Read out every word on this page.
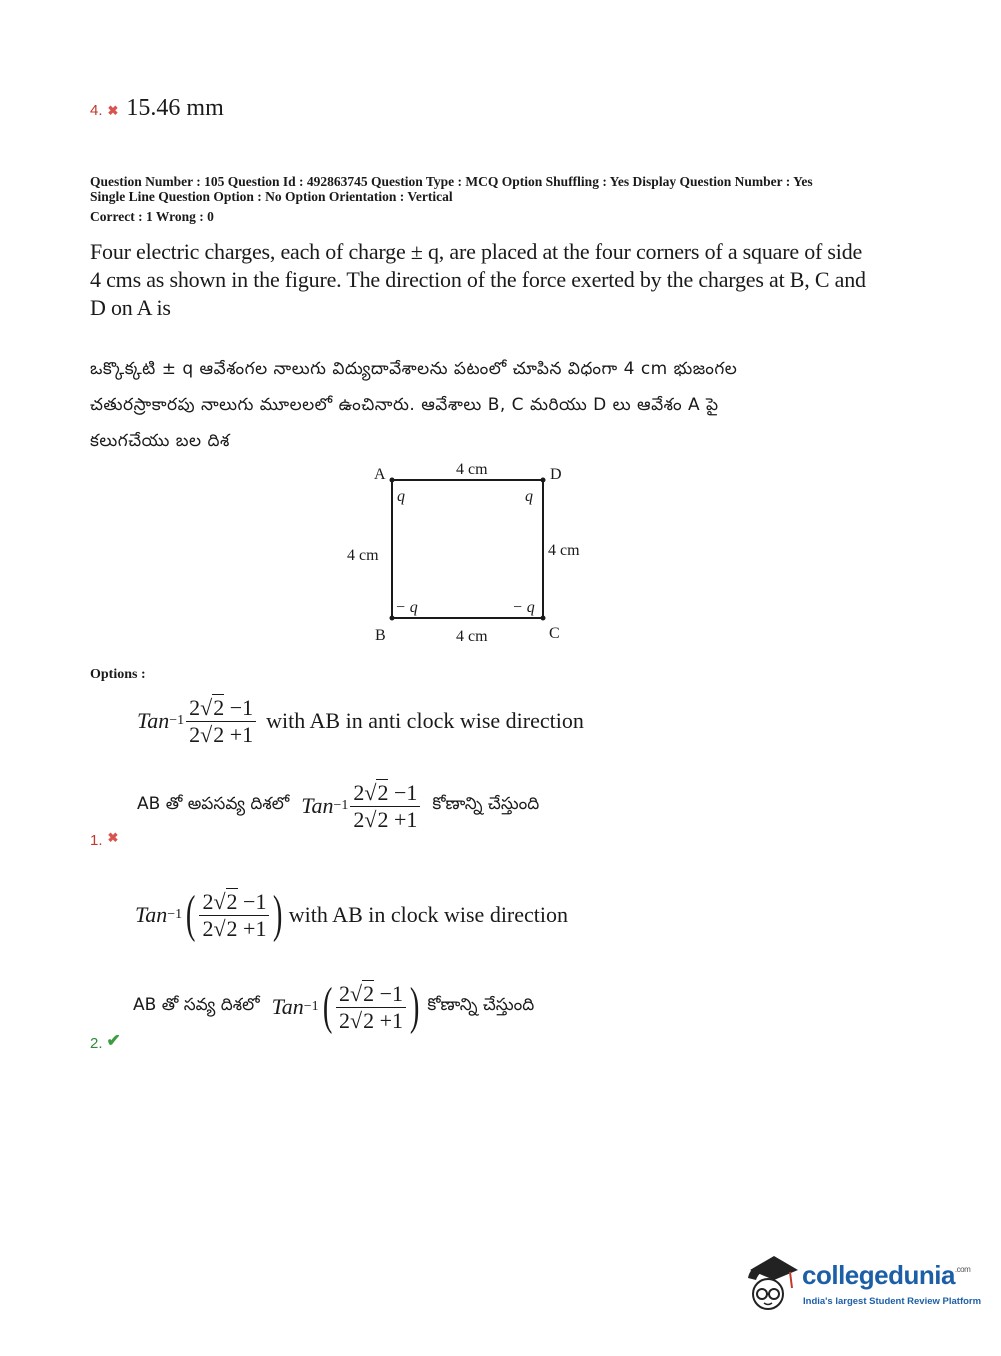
4. ✖ 15.46 mm
Question Number : 105 Question Id : 492863745 Question Type : MCQ Option Shuffling : Yes Display Question Number : Yes
Single Line Question Option : No Option Orientation : Vertical
Correct : 1 Wrong : 0
Four electric charges, each of charge ± q, are placed at the four corners of a square of side
4 cms as shown in the figure. The direction of the force exerted by the charges at B, C and
D on A is
ఒక్కొక్కటి ± q ఆవేశంగల నాలుగు విద్యుదావేశాలను పటంలో చూపిన విధంగా 4 cm భుజంగల
చతురస్రాకారపు నాలుగు మూలలలో ఉంచినారు. ఆవేశాలు B, C మరియు D లు ఆవేశం A పై
కలుగచేయు బల దిశ
A	D
B	C
4 cm
4 cm
4 cm	4 cm
q	q
− q	− q
Options :
Tan $-1 \frac{2√2 -1}{2√2 +1}$ with AB in anti clock wise direction
AB తో అపసవ్య దిశలో Tan $-1 \frac{2√2 -1}{2√2 +1}$ కోణాన్ని చేస్తుంది
1. ✖
Tan −1 ( $\frac{2√2 -1}{2√2 +1}$ ) with AB in clock wise direction
AB తో సవ్య దిశలో Tan −1 ( $\frac{2√2 -1}{2√2 +1}$ ) కోణాన్ని చేస్తుంది
2. ✔
collegedunia$^{.com}$
India's largest Student Review Platform
